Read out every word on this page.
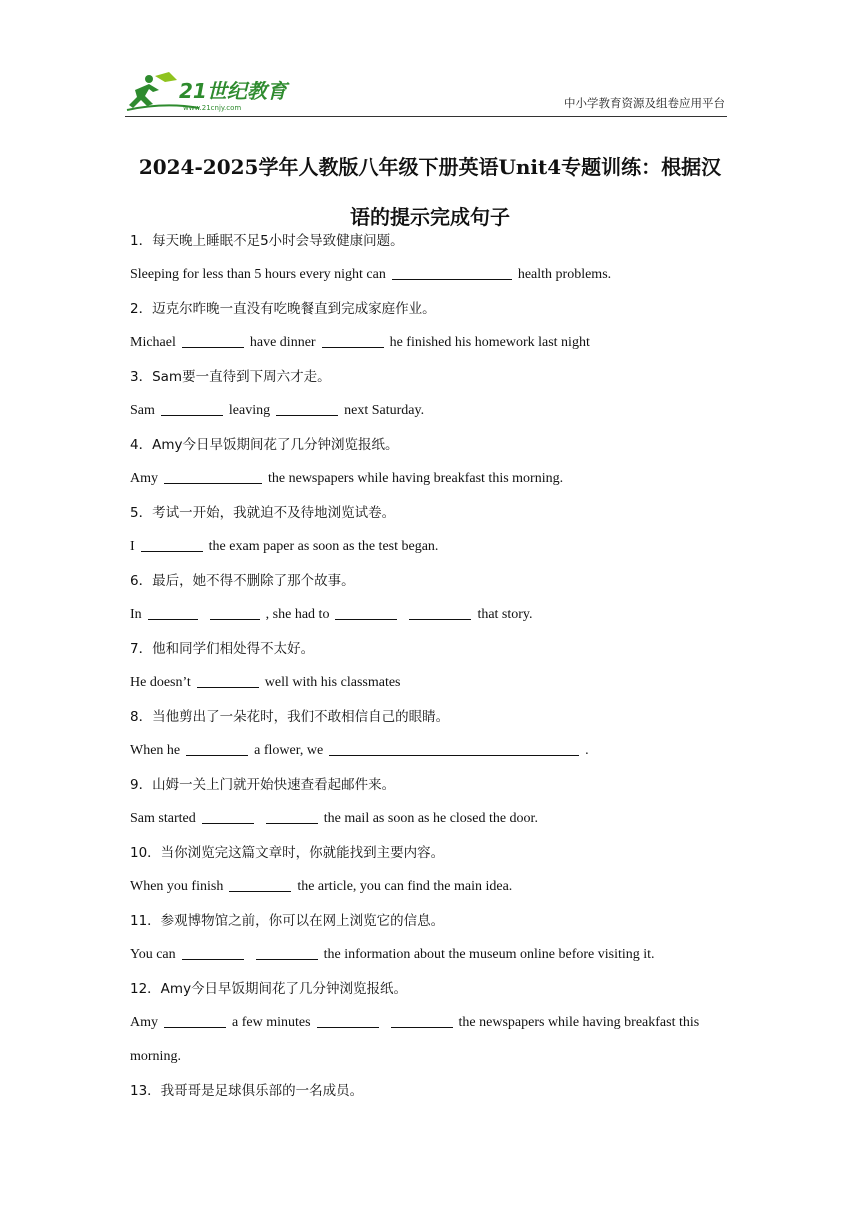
21世纪教育
www.21cnjy.com	中小学教育资源及组卷应用平台
2024-2025学年人教版八年级下册英语Unit4专题训练：根据汉
语的提示完成句子
1．每天晚上睡眠不足5小时会导致健康问题。
Sleeping for less than 5 hours every night can	health problems.
2．迈克尔昨晚一直没有吃晚餐直到完成家庭作业。
Michael	have dinner	he finished his homework last night
3．Sam要一直待到下周六才走。
Sam	leaving	next Saturday.
4．Amy今日早饭期间花了几分钟浏览报纸。
Amy	the newspapers while having breakfast this morning.
5．考试一开始，我就迫不及待地浏览试卷。
I	the exam paper as soon as the test began.
6．最后，她不得不删除了那个故事。
In	, she had to	that story.
7．他和同学们相处得不太好。
He doesn’t	well with his classmates
8．当他剪出了一朵花时，我们不敢相信自己的眼睛。
When he	a flower, we	.
9．山姆一关上门就开始快速查看起邮件来。
Sam started	the mail as soon as he closed the door.
10．当你浏览完这篇文章时，你就能找到主要内容。
When you finish	the article, you can find the main idea.
11．参观博物馆之前，你可以在网上浏览它的信息。
You can	the information about the museum online before visiting it.
12．Amy今日早饭期间花了几分钟浏览报纸。
Amy	a few minutes	the newspapers while having breakfast this
morning.
13．我哥哥是足球俱乐部的一名成员。
